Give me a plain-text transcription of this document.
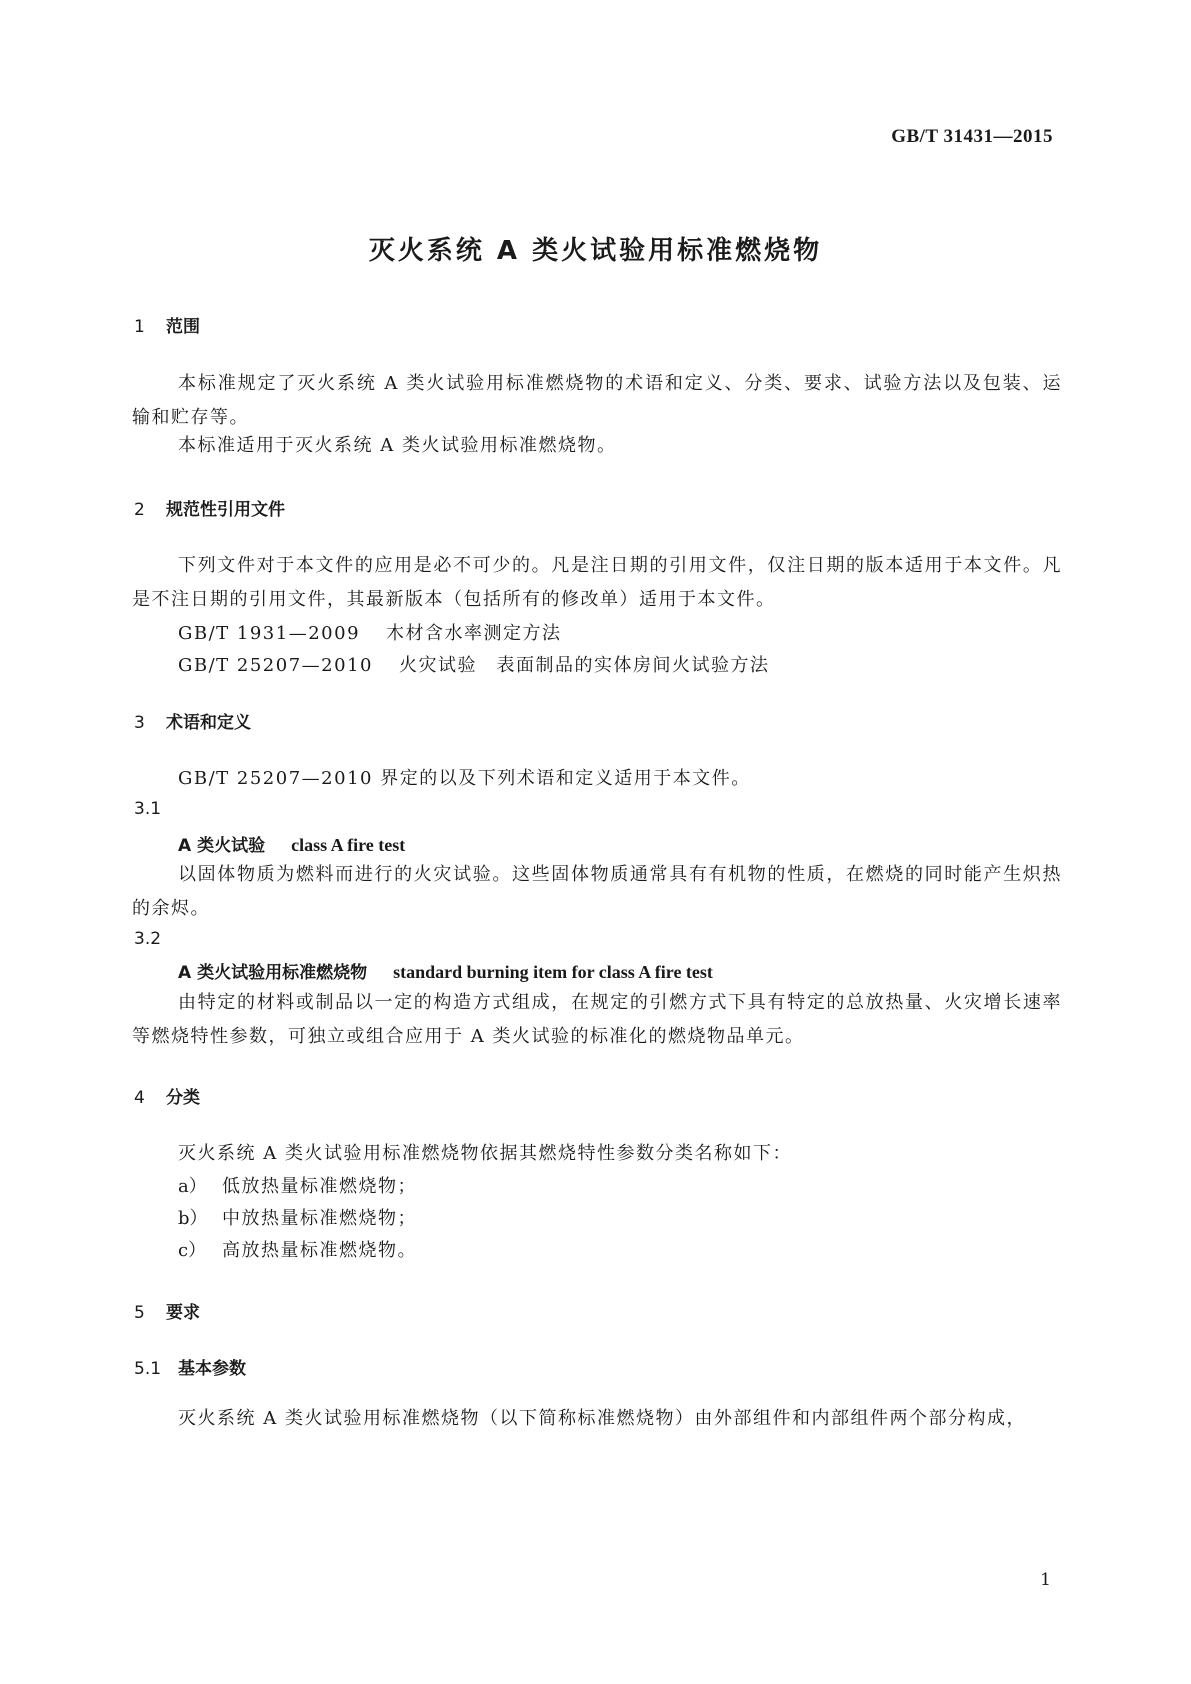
GB/T 31431—2015
灭火系统 A 类火试验用标准燃烧物
1 范围

本标准规定了灭火系统 A 类火试验用标准燃烧物的术语和定义、分类、要求、试验方法以及包装、运输和贮存等。

本标准适用于灭火系统 A 类火试验用标准燃烧物。

2 规范性引用文件

下列文件对于本文件的应用是必不可少的。凡是注日期的引用文件，仅注日期的版本适用于本文件。凡是不注日期的引用文件，其最新版本（包括所有的修改单）适用于本文件。

GB/T 1931—2009 木材含水率测定方法
GB/T 25207—2010 火灾试验　表面制品的实体房间火试验方法
3 术语和定义
GB/T 25207—2010 界定的以及下列术语和定义适用于本文件。
3.1
A 类火试验 class A fire test

以固体物质为燃料而进行的火灾试验。这些固体物质通常具有有机物的性质，在燃烧的同时能产生炽热的余烬。

3.2
A 类火试验用标准燃烧物 standard burning item for class A fire test

由特定的材料或制品以一定的构造方式组成，在规定的引燃方式下具有特定的总放热量、火灾增长速率等燃烧特性参数，可独立或组合应用于 A 类火试验的标准化的燃烧物品单元。

4 分类
灭火系统 A 类火试验用标准燃烧物依据其燃烧特性参数分类名称如下：
a） 低放热量标准燃烧物；
b） 中放热量标准燃烧物；
c） 高放热量标准燃烧物。
5 要求
5.1 基本参数

灭火系统 A 类火试验用标准燃烧物（以下简称标准燃烧物）由外部组件和内部组件两个部分构成，

1
